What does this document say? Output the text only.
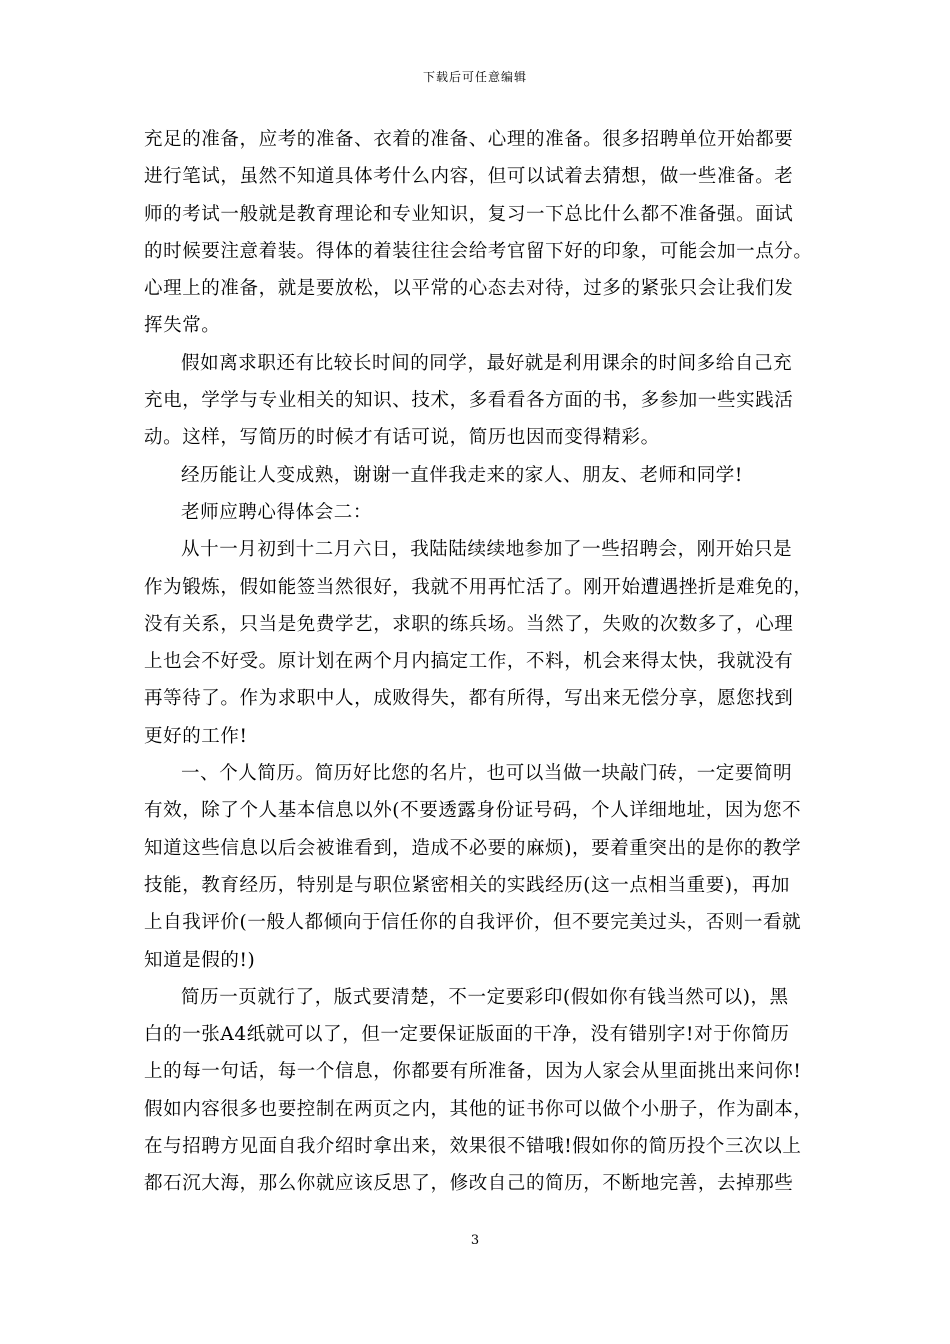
下载后可任意编辑
充足的准备，应考的准备、衣着的准备、心理的准备。很多招聘单位开始都要
进行笔试，虽然不知道具体考什么内容，但可以试着去猜想，做一些准备。老
师的考试一般就是教育理论和专业知识，复习一下总比什么都不准备强。面试
的时候要注意着装。得体的着装往往会给考官留下好的印象，可能会加一点分。
心理上的准备，就是要放松，以平常的心态去对待，过多的紧张只会让我们发
挥失常。
假如离求职还有比较长时间的同学，最好就是利用课余的时间多给自己充
充电，学学与专业相关的知识、技术，多看看各方面的书，多参加一些实践活
动。这样，写简历的时候才有话可说，简历也因而变得精彩。
经历能让人变成熟，谢谢一直伴我走来的家人、朋友、老师和同学!
老师应聘心得体会二：
从十一月初到十二月六日，我陆陆续续地参加了一些招聘会，刚开始只是
作为锻炼，假如能签当然很好，我就不用再忙活了。刚开始遭遇挫折是难免的，
没有关系，只当是免费学艺，求职的练兵场。当然了，失败的次数多了，心理
上也会不好受。原计划在两个月内搞定工作，不料，机会来得太快，我就没有
再等待了。作为求职中人，成败得失，都有所得，写出来无偿分享，愿您找到
更好的工作!
一、个人简历。简历好比您的名片，也可以当做一块敲门砖，一定要简明
有效，除了个人基本信息以外(不要透露身份证号码，个人详细地址，因为您不
知道这些信息以后会被谁看到，造成不必要的麻烦)，要着重突出的是你的教学
技能，教育经历，特别是与职位紧密相关的实践经历(这一点相当重要)，再加
上自我评价(一般人都倾向于信任你的自我评价，但不要完美过头，否则一看就
知道是假的!)
简历一页就行了，版式要清楚，不一定要彩印(假如你有钱当然可以)，黑
白的一张A4纸就可以了，但一定要保证版面的干净，没有错别字!对于你简历
上的每一句话，每一个信息，你都要有所准备，因为人家会从里面挑出来问你!
假如内容很多也要控制在两页之内，其他的证书你可以做个小册子，作为副本，
在与招聘方见面自我介绍时拿出来，效果很不错哦!假如你的简历投个三次以上
都石沉大海，那么你就应该反思了，修改自己的简历，不断地完善，去掉那些
3
